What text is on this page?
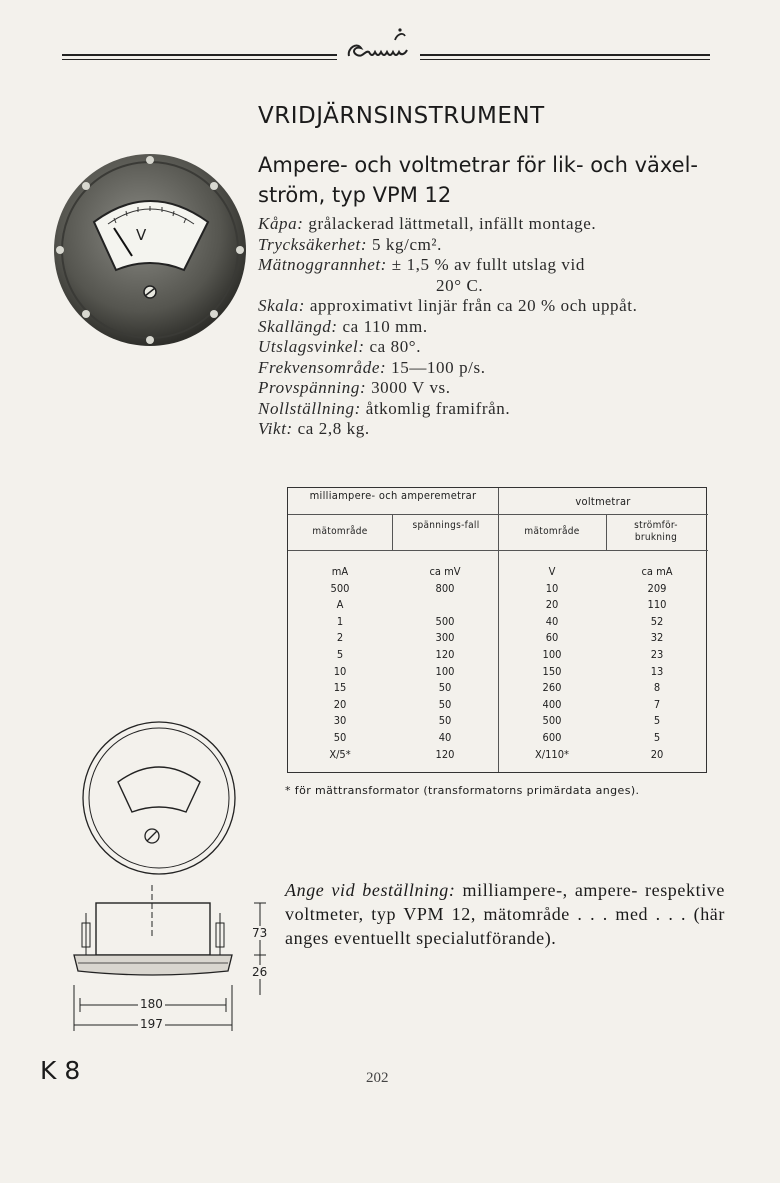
V
VRIDJÄRNSINSTRUMENT
Ampere- och voltmetrar för lik- och växel-ström, typ VPM 12
Kåpa: grålackerad lättmetall, infällt montage.
Trycksäkerhet: 5 kg/cm².
Mätnoggrannhet: ± 1,5 % av fullt utslag vid
20° C.
Skala: approximativt linjär från ca 20 % och uppåt.
Skallängd: ca 110 mm.
Utslagsvinkel: ca 80°.
Frekvensområde: 15—100 p/s.
Provspänning: 3000 V vs.
Nollställning: åtkomlig framifrån.
Vikt: ca 2,8 kg.
milliampere- och amperemetrar	voltmetrar
mätområde
spännings-fall
mätområde
strömför-brukning
mA
500
A
1
2
5
10
15
20
30
50
X/5*
ca mV
800
500
300
120
100
50
50
50
40
120
V
10
20
40
60
100
150
260
400
500
600
X/110*
ca mA
209
110
52
32
23
13
8
7
5
5
20
* för mättransformator (transformatorns primärdata anges).
73
26
180
197
Ange vid beställning: milliampere-, ampere- respektive voltmeter, typ VPM 12, mätområde . . . med . . . (här anges eventuellt specialutförande).
K 8	202
